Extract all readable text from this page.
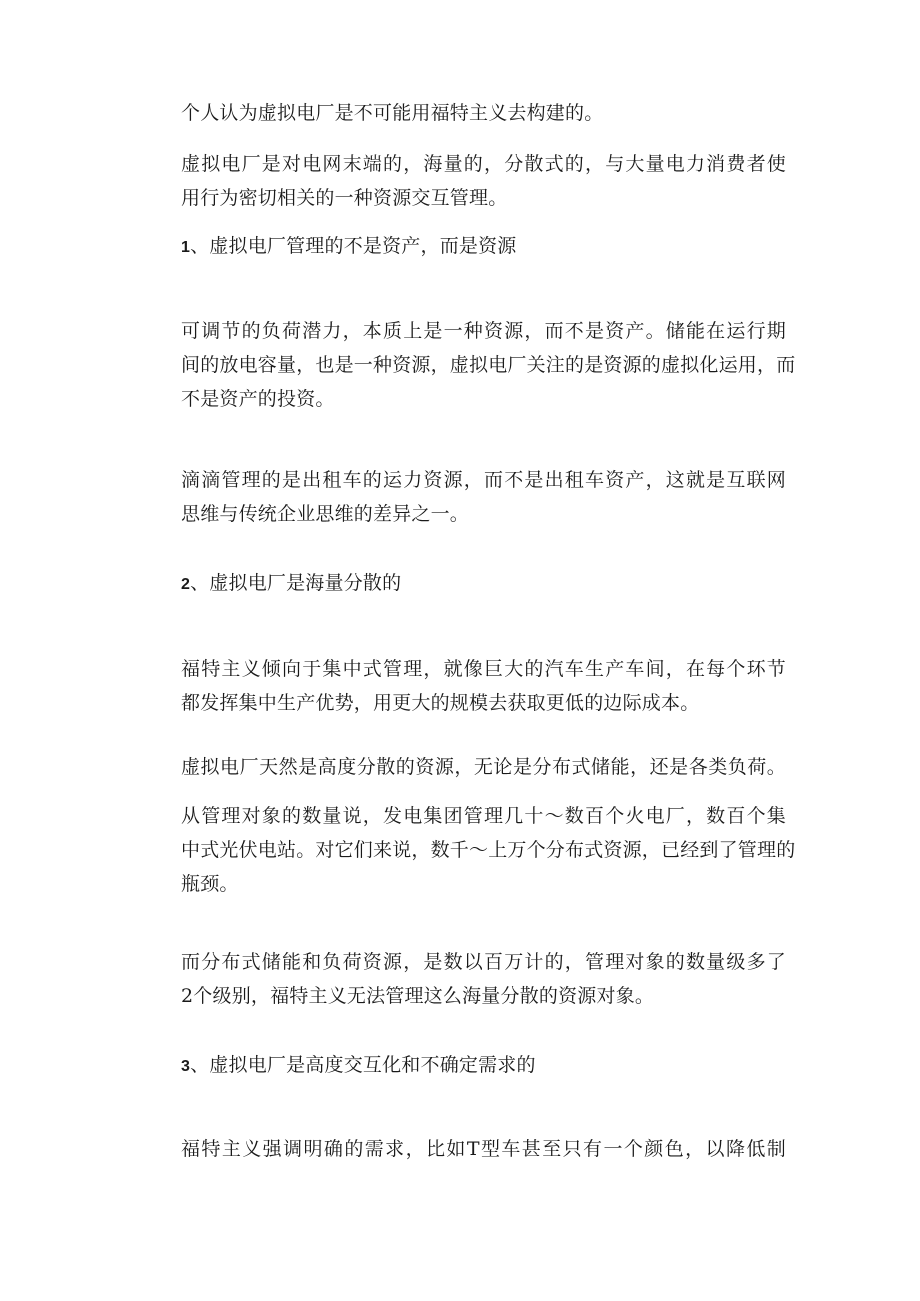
个人认为虚拟电厂是不可能用福特主义去构建的。
虚拟电厂是对电网末端的，海量的，分散式的，与大量电力消费者使
用行为密切相关的一种资源交互管理。
1、虚拟电厂管理的不是资产，而是资源
可调节的负荷潜力，本质上是一种资源，而不是资产。储能在运行期
间的放电容量，也是一种资源，虚拟电厂关注的是资源的虚拟化运用，而
不是资产的投资。
滴滴管理的是出租车的运力资源，而不是出租车资产，这就是互联网
思维与传统企业思维的差异之一。
2、虚拟电厂是海量分散的
福特主义倾向于集中式管理，就像巨大的汽车生产车间，在每个环节
都发挥集中生产优势，用更大的规模去获取更低的边际成本。
虚拟电厂天然是高度分散的资源，无论是分布式储能，还是各类负荷。
从管理对象的数量说，发电集团管理几十～数百个火电厂，数百个集
中式光伏电站。对它们来说，数千～上万个分布式资源，已经到了管理的
瓶颈。
而分布式储能和负荷资源，是数以百万计的，管理对象的数量级多了
2个级别，福特主义无法管理这么海量分散的资源对象。
3、虚拟电厂是高度交互化和不确定需求的
福特主义强调明确的需求，比如T型车甚至只有一个颜色，以降低制
